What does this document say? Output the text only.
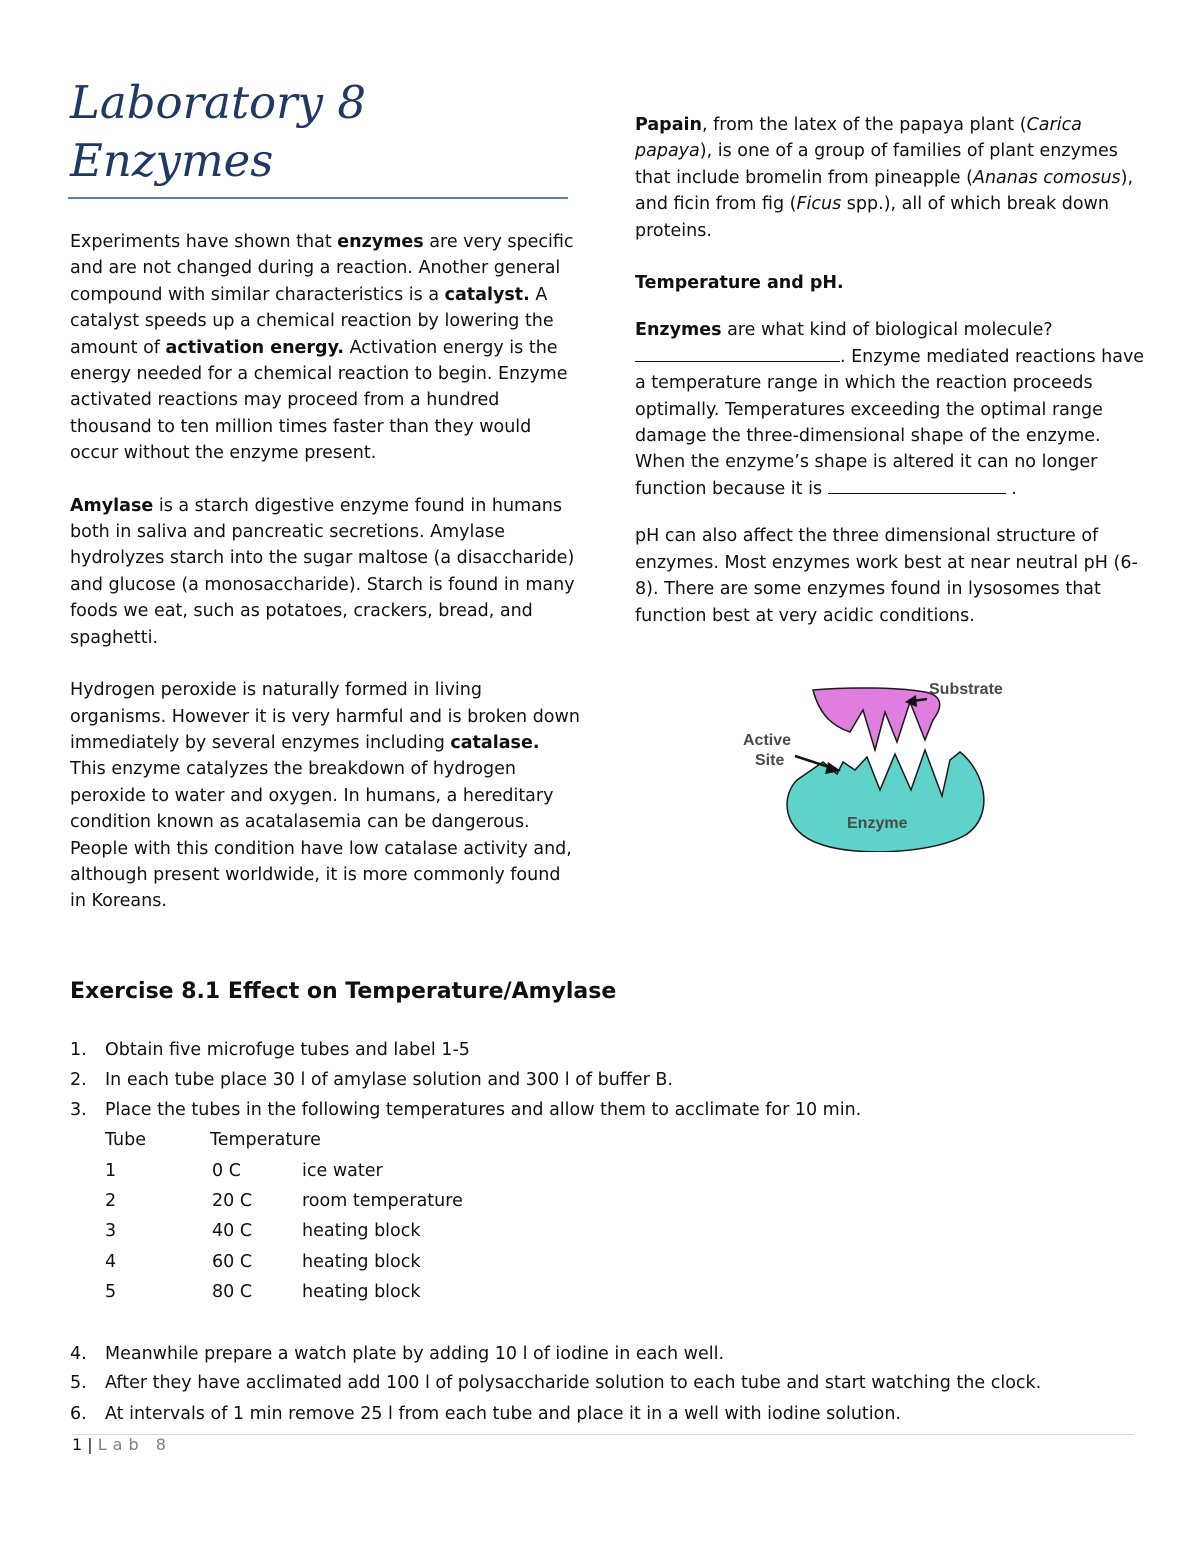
Laboratory 8
Enzymes

Experiments have shown that enzymes are very specific and are not changed during a reaction. Another general compound with similar characteristics is a catalyst. A catalyst speeds up a chemical reaction by lowering the amount of activation energy. Activation energy is the energy needed for a chemical reaction to begin. Enzyme activated reactions may proceed from a hundred thousand to ten million times faster than they would occur without the enzyme present.

Amylase is a starch digestive enzyme found in humans both in saliva and pancreatic secretions. Amylase hydrolyzes starch into the sugar maltose (a disaccharide) and glucose (a monosaccharide). Starch is found in many foods we eat, such as potatoes, crackers, bread, and spaghetti.

Hydrogen peroxide is naturally formed in living organisms. However it is very harmful and is broken down immediately by several enzymes including catalase. This enzyme catalyzes the breakdown of hydrogen peroxide to water and oxygen. In humans, a hereditary condition known as acatalasemia can be dangerous. People with this condition have low catalase activity and, although present worldwide, it is more commonly found in Koreans.

Papain, from the latex of the papaya plant (Carica papaya), is one of a group of families of plant enzymes that include bromelin from pineapple (Ananas comosus), and ficin from fig (Ficus spp.), all of which break down proteins.

Temperature and pH.

Enzymes are what kind of biological molecule?
. Enzyme mediated reactions have a temperature range in which the reaction proceeds optimally. Temperatures exceeding the optimal range damage the three-dimensional shape of the enzyme. When the enzyme’s shape is altered it can no longer function because it is	.

pH can also affect the three dimensional structure of enzymes. Most enzymes work best at near neutral pH (6-8). There are some enzymes found in lysosomes that function best at very acidic conditions.

Substrate
Active
Site
Enzyme
Exercise 8.1 Effect on Temperature/Amylase
1. Obtain five microfuge tubes and label 1-5
2. In each tube place 30 l of amylase solution and 300 l of buffer B.
3. Place the tubes in the following temperatures and allow them to acclimate for 10 min.
Tube	Temperature
1	0 C	ice water
2	20 C	room temperature
3	40 C	heating block
4	60 C	heating block
5	80 C	heating block
4. Meanwhile prepare a watch plate by adding 10 l of iodine in each well.
5. After they have acclimated add 100 l of polysaccharide solution to each tube and start watching the clock.
6. At intervals of 1 min remove 25 l from each tube and place it in a well with iodine solution.
1 | Lab 8
